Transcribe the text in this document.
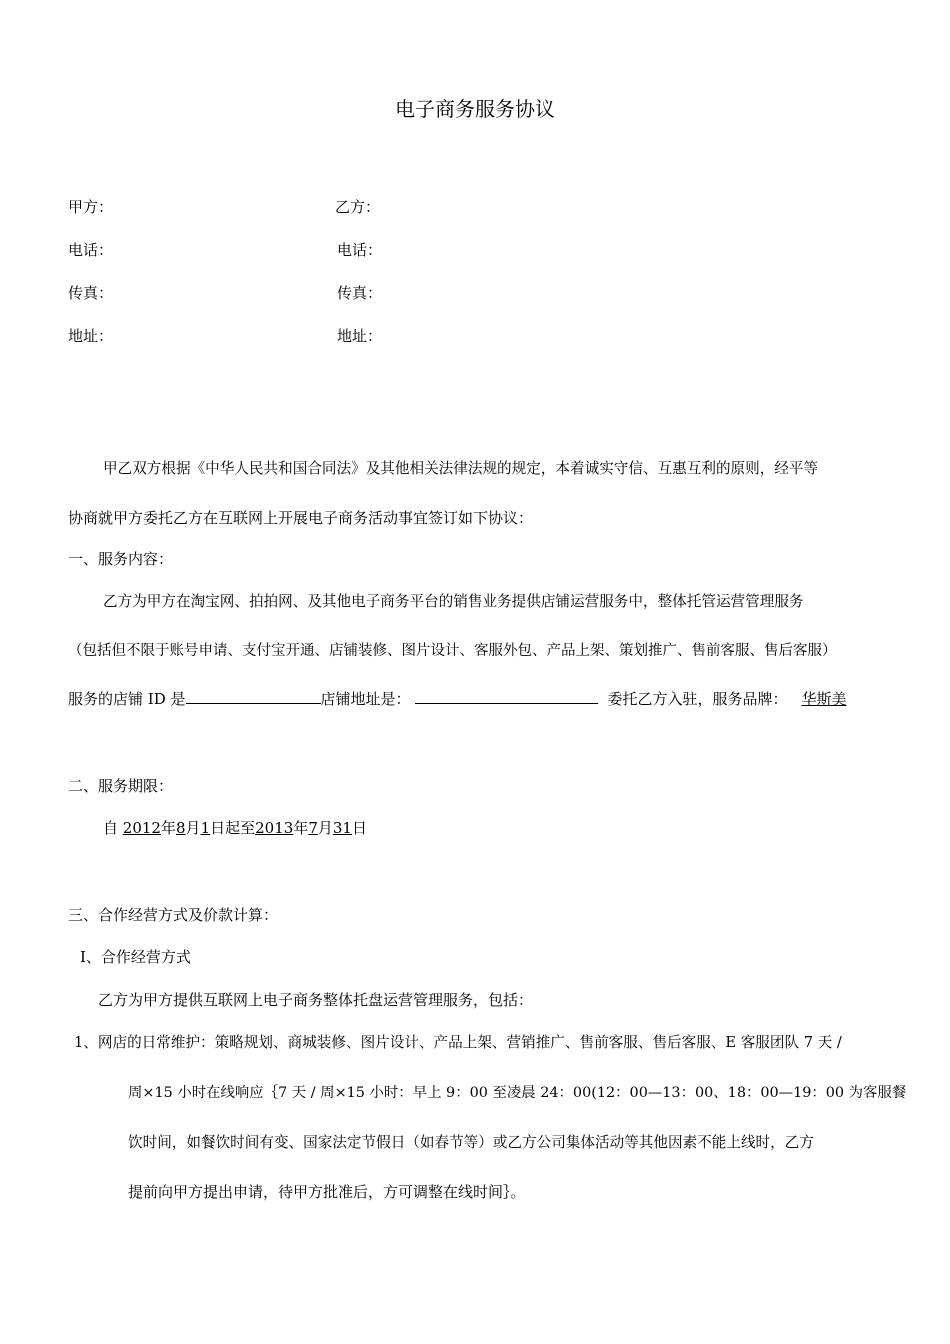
电子商务服务协议
甲方：	乙方：
电话：	电话：
传真：	传真：
地址：	地址：
甲乙双方根据《中华人民共和国合同法》及其他相关法律法规的规定，本着诚实守信、互惠互利的原则，经平等
协商就甲方委托乙方在互联网上开展电子商务活动事宜签订如下协议：
一、服务内容：
乙方为甲方在淘宝网、拍拍网、及其他电子商务平台的销售业务提供店铺运营服务中，整体托管运营管理服务
（包括但不限于账号申请、支付宝开通、店铺装修、图片设计、客服外包、产品上架、策划推广、售前客服、售后客服）
服务的店铺 ID 是	店铺地址是：	委托乙方入驻，服务品牌： 华斯美
二、服务期限：
自 2012年8月1日起至2013年7月31日
三、合作经营方式及价款计算：
I、合作经营方式
乙方为甲方提供互联网上电子商务整体托盘运营管理服务，包括：
1、网店的日常维护：策略规划、商城装修、图片设计、产品上架、营销推广、售前客服、售后客服、E 客服团队 7 天 /
周×15 小时在线响应｛7 天 / 周×15 小时：早上 9：00 至凌晨 24：00(12：00—13：00、18：00—19：00 为客服餐
饮时间，如餐饮时间有变、国家法定节假日（如春节等）或乙方公司集体活动等其他因素不能上线时，乙方
提前向甲方提出申请，待甲方批准后，方可调整在线时间｝。
